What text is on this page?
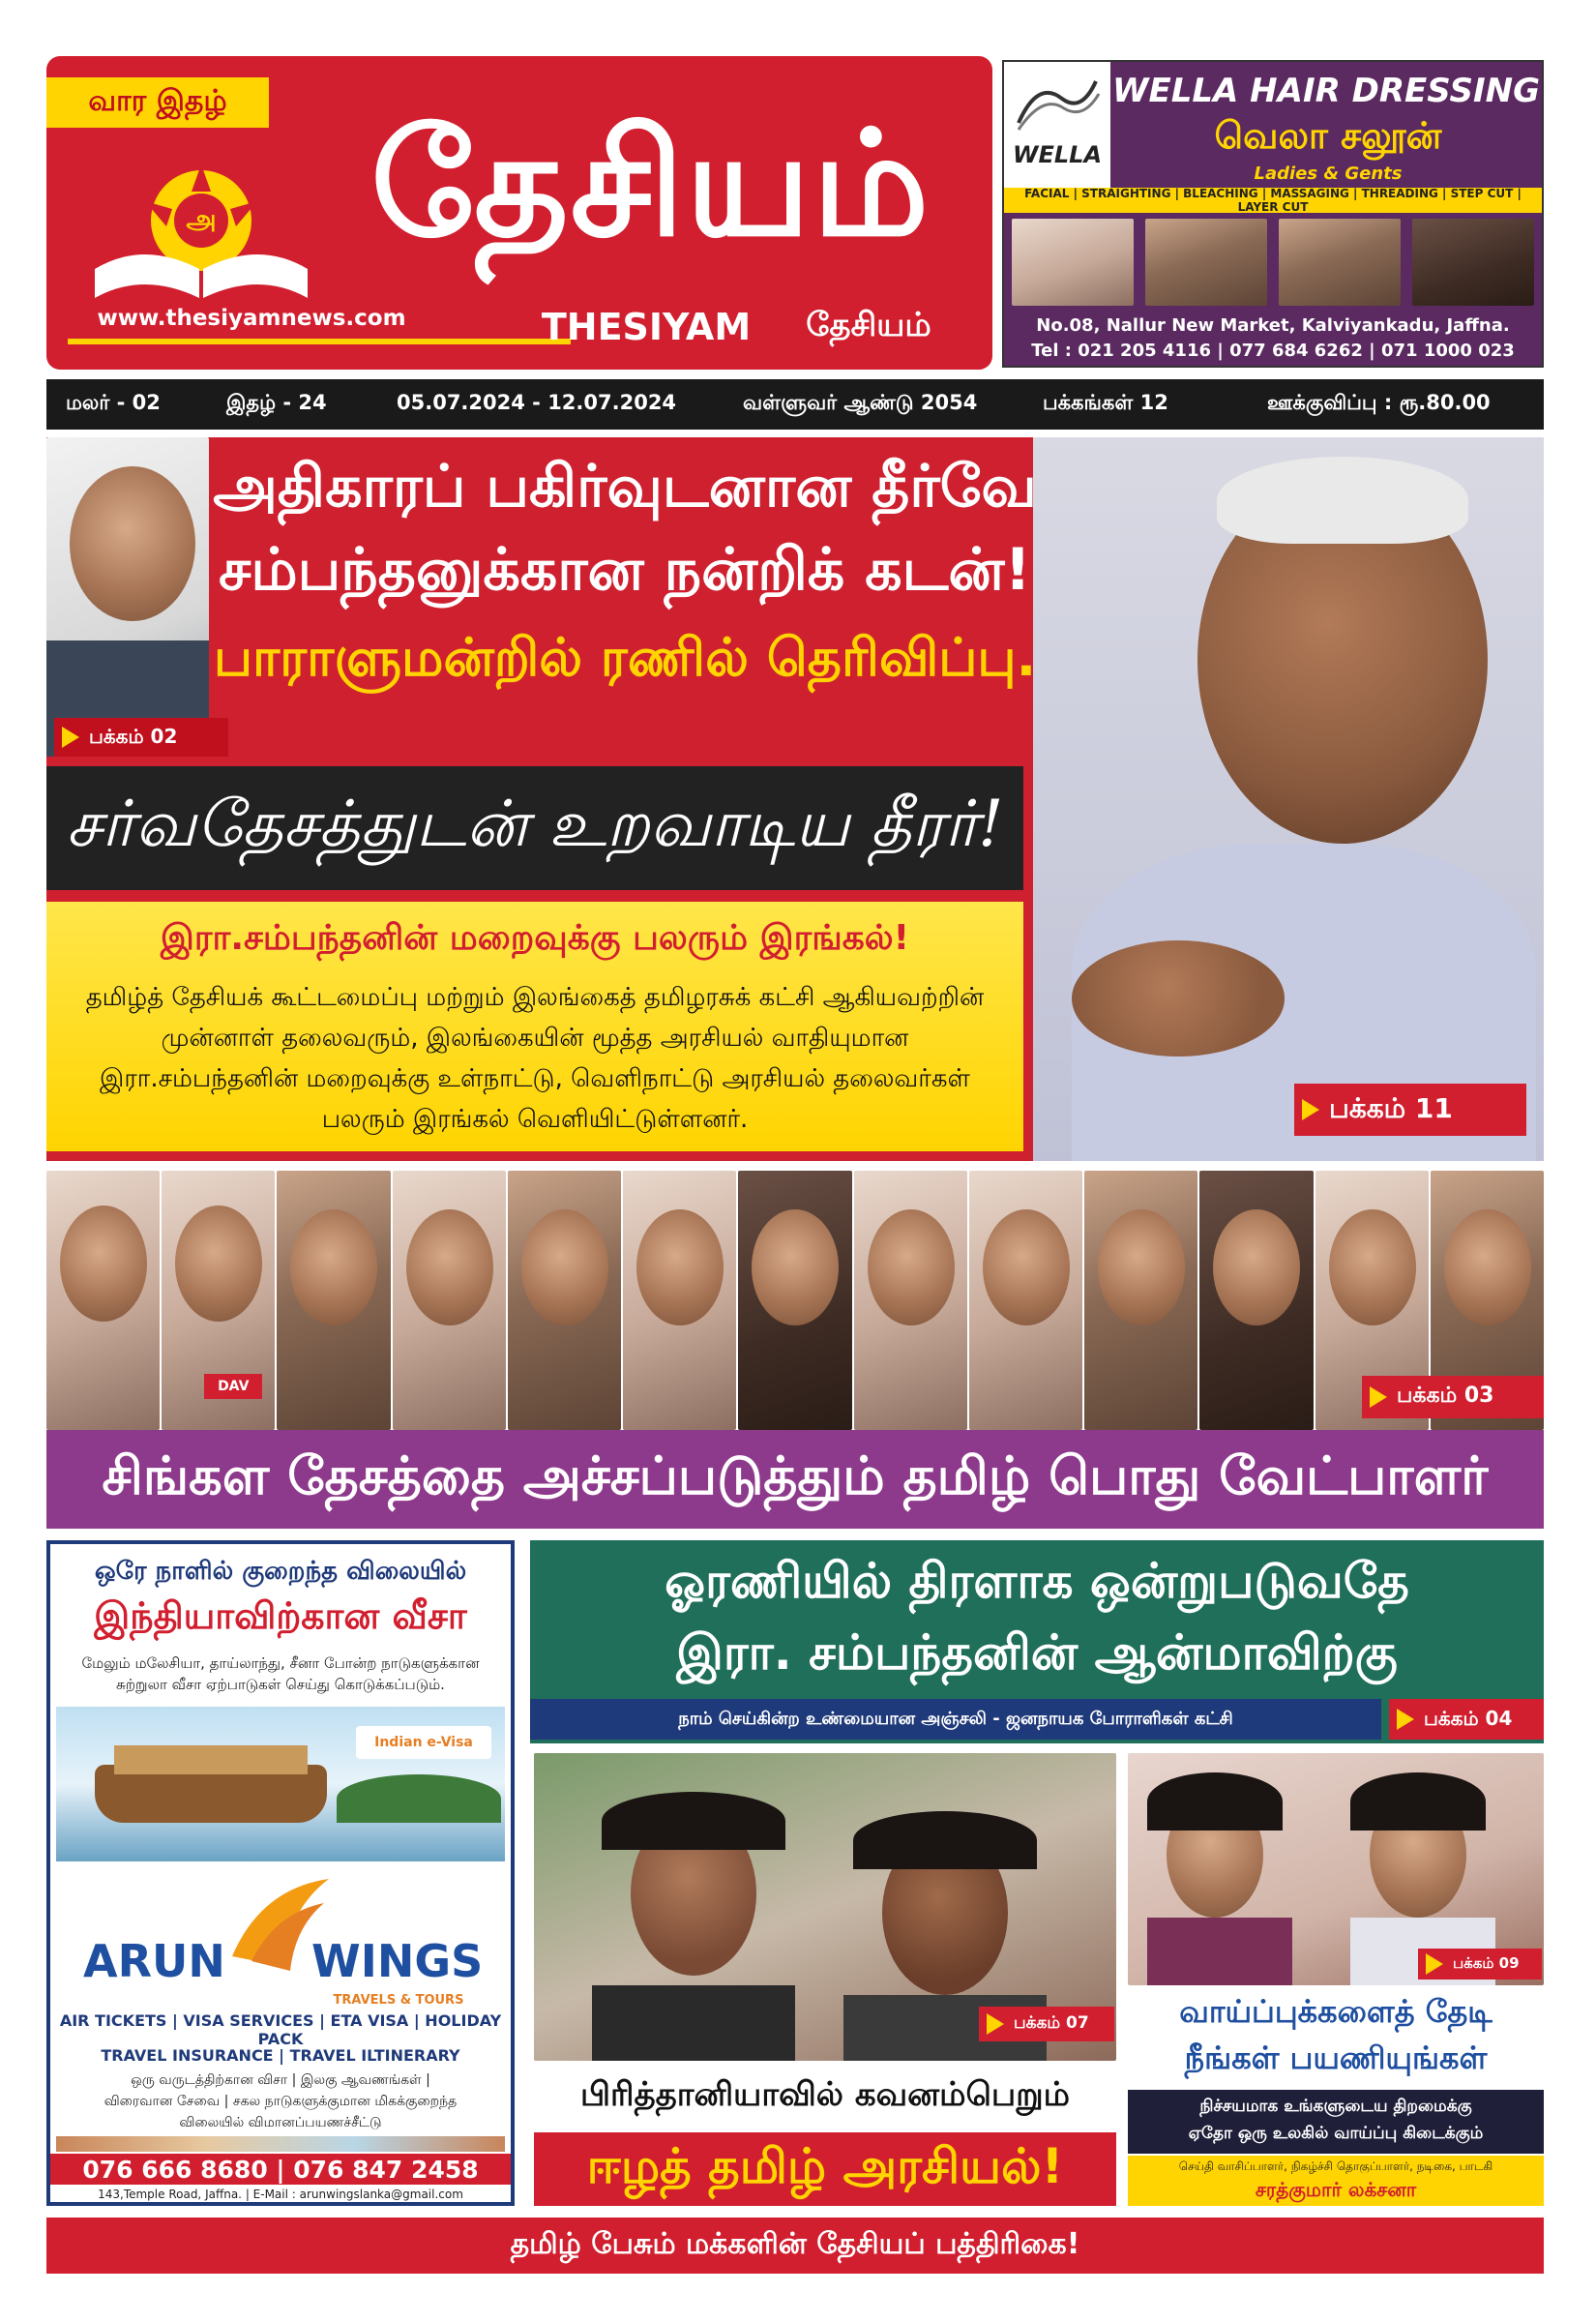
வார இதழ்
அ	தேசியம்
www.thesiyamnews.com	THESIYAM	தேசியம்
WELLA
WELLA HAIR DRESSING
வெலா சலூன்
Ladies & Gents
FACIAL | STRAIGHTING | BLEACHING | MASSAGING | THREADING | STEP CUT | LAYER CUT
No.08, Nallur New Market, Kalviyankadu, Jaffna.
Tel : 021 205 4116 | 077 684 6262 | 071 1000 023
மலர் - 02	இதழ் - 24	05.07.2024 - 12.07.2024	வள்ளுவர் ஆண்டு 2054	பக்கங்கள் 12	ஊக்குவிப்பு : ரூ.80.00
அதிகாரப் பகிர்வுடனான தீர்வே
சம்பந்தனுக்கான நன்றிக் கடன்!
பாராளுமன்றில் ரணில் தெரிவிப்பு.
பக்கம் 02
சர்வதேசத்துடன் உறவாடிய தீரர்!
இரா.சம்பந்தனின் மறைவுக்கு பலரும் இரங்கல்!
தமிழ்த் தேசியக் கூட்டமைப்பு மற்றும் இலங்கைத் தமிழரசுக் கட்சி ஆகியவற்றின் முன்னாள் தலைவரும், இலங்கையின் மூத்த அரசியல் வாதியுமான இரா.சம்பந்தனின் மறைவுக்கு உள்நாட்டு, வெளிநாட்டு அரசியல் தலைவர்கள் பலரும் இரங்கல் வெளியிட்டுள்ளனர்.	பக்கம் 11
DAV	பக்கம் 03
சிங்கள தேசத்தை அச்சப்படுத்தும் தமிழ் பொது வேட்பாளர்
ஒரே நாளில் குறைந்த விலையில்
இந்தியாவிற்கான வீசா
மேலும் மலேசியா, தாய்லாந்து, சீனா போன்ற நாடுகளுக்கான சுற்றுலா வீசா ஏற்பாடுகள் செய்து கொடுக்கப்படும்.
Indian e-Visa
ARUN	WINGS
TRAVELS & TOURS
AIR TICKETS | VISA SERVICES | ETA VISA | HOLIDAY PACK
TRAVEL INSURANCE | TRAVEL ILTINERARY
ஒரு வருடத்திற்கான விசா | இலகு ஆவணங்கள் |
விரைவான சேவை | சகல நாடுகளுக்குமான மிகக்குறைந்த
விலையில் விமானப்பயணச்சீட்டு
076 666 8680 | 076 847 2458
143,Temple Road, Jaffna. | E-Mail : arunwingslanka@gmail.com
ஓரணியில் திரளாக ஒன்றுபடுவதே
இரா. சம்பந்தனின் ஆன்மாவிற்கு
நாம் செய்கின்ற உண்மையான அஞ்சலி - ஜனநாயக போராளிகள் கட்சி	பக்கம் 04
பக்கம் 07
பிரித்தானியாவில் கவனம்பெறும்
ஈழத் தமிழ் அரசியல்!
பக்கம் 09
வாய்ப்புக்களைத் தேடி
நீங்கள் பயணியுங்கள்
நிச்சயமாக உங்களுடைய திறமைக்கு
ஏதோ ஒரு உலகில் வாய்ப்பு கிடைக்கும்
செய்தி வாசிப்பாளர், நிகழ்ச்சி தொகுப்பாளர், நடிகை, பாடகி
சரத்குமார் லக்சனா
தமிழ் பேசும் மக்களின் தேசியப் பத்திரிகை!
